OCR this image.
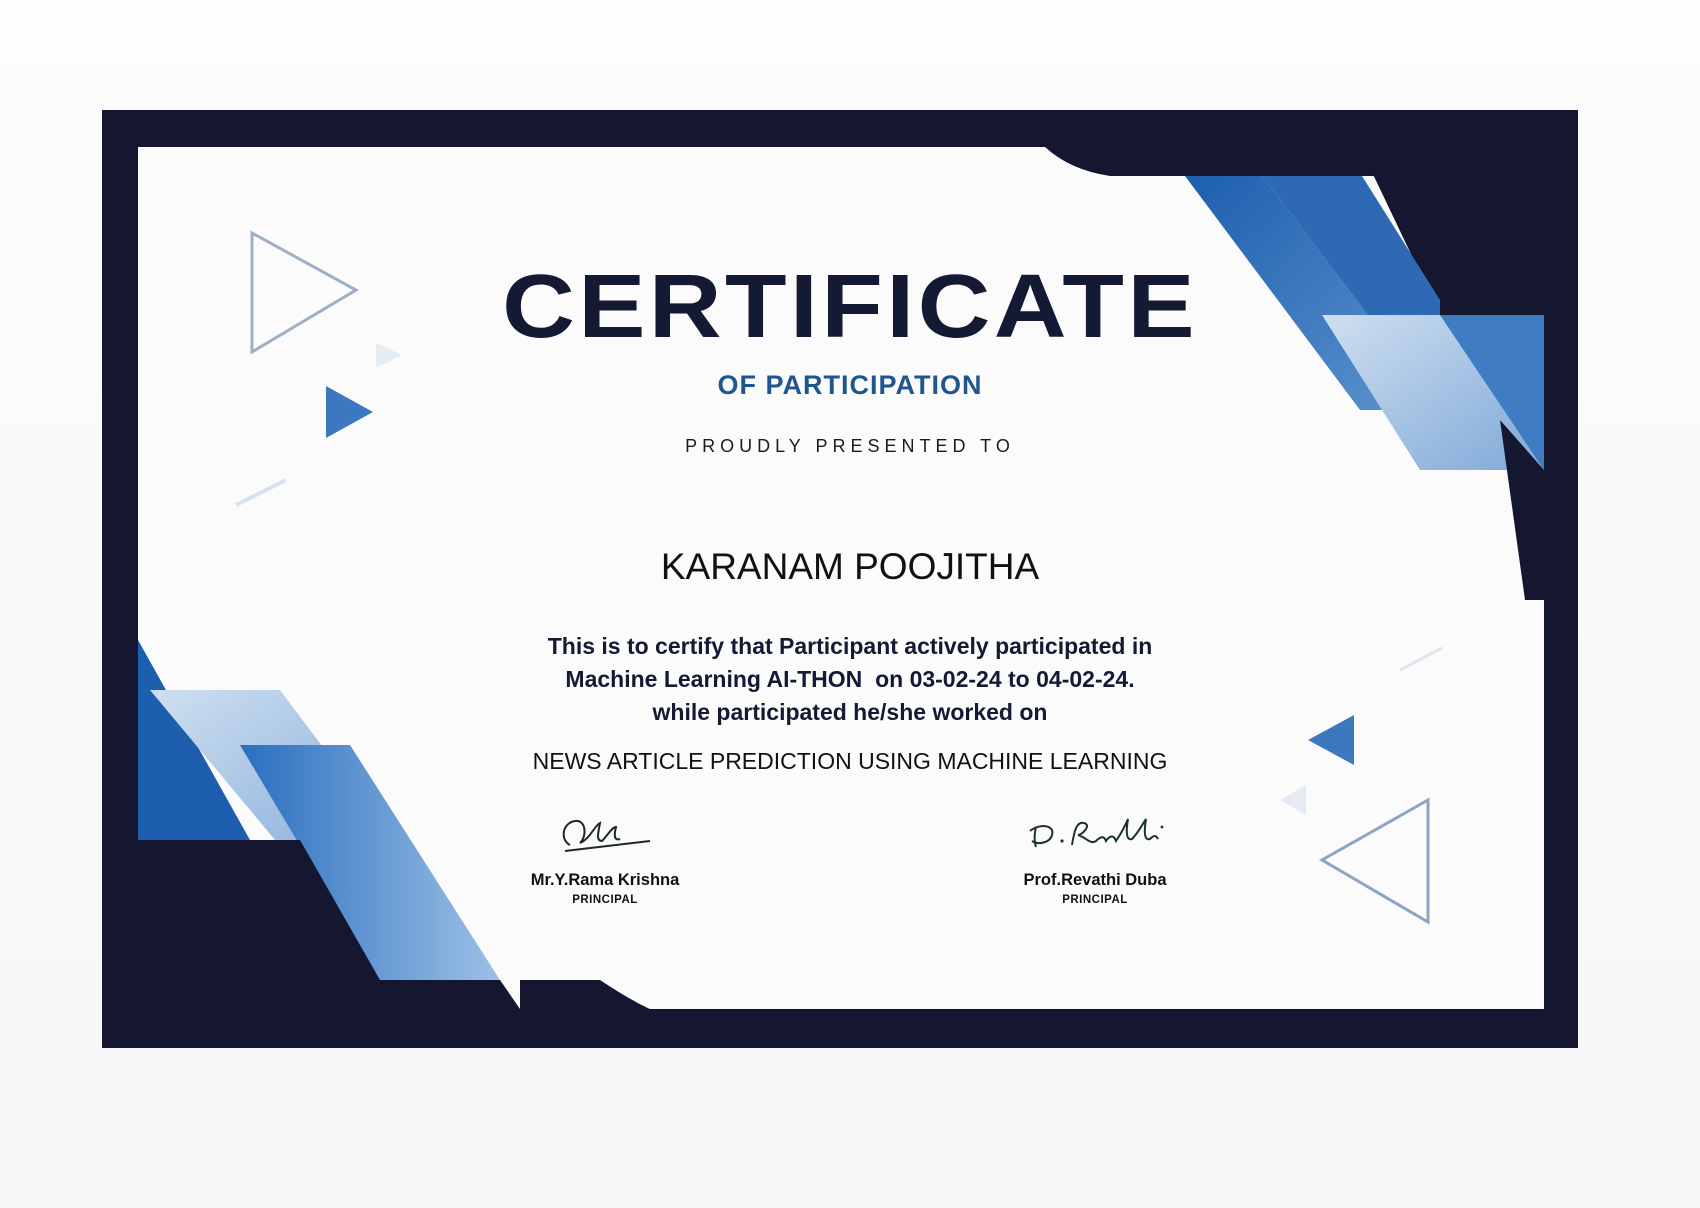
CERTIFICATE
OF PARTICIPATION
PROUDLY PRESENTED TO
KARANAM POOJITHA
This is to certify that Participant actively participated in
Machine Learning AI-THON  on 03-02-24 to 04-02-24.
while participated he/she worked on
NEWS ARTICLE PREDICTION USING MACHINE LEARNING
Mr.Y.Rama Krishna
PRINCIPAL
Prof.Revathi Duba
PRINCIPAL
